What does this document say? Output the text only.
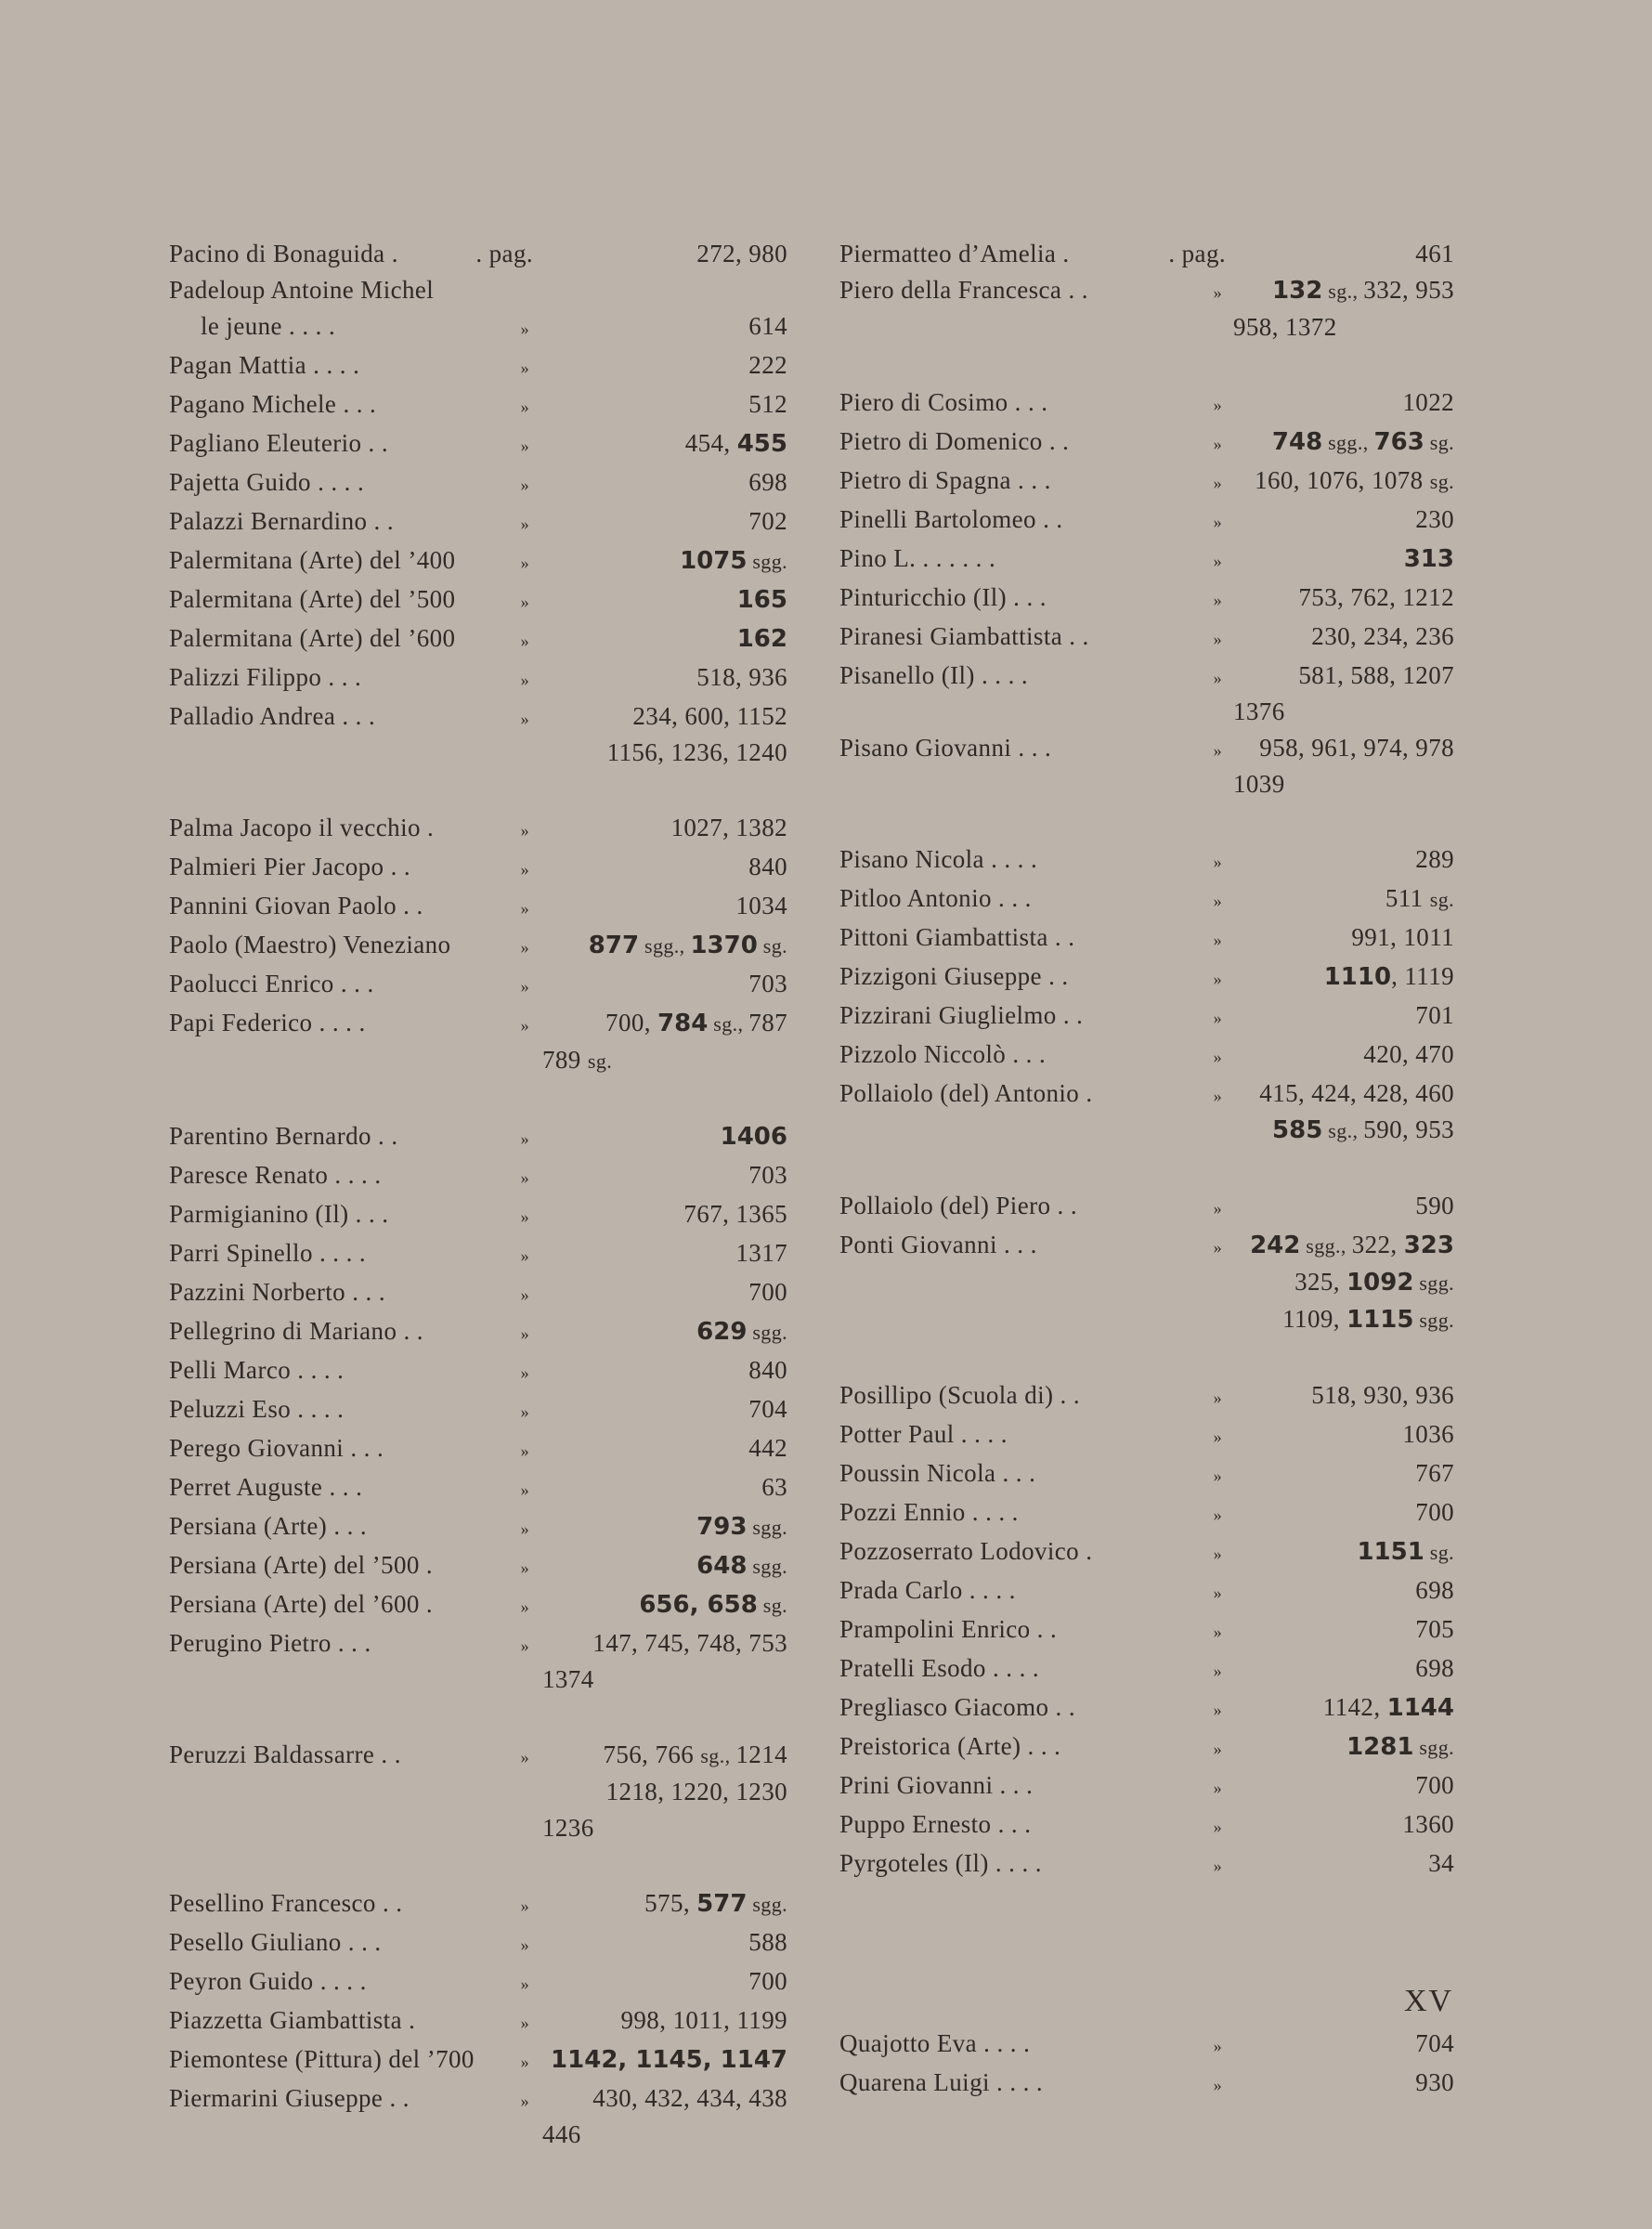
Pacino di Bonaguida .	. pag.	272, 980
Padeloup Antoine Michel
le jeune . . . .	»	614
Pagan Mattia . . . .	»	222
Pagano Michele . . .	»	512
Pagliano Eleuterio . .	»	454, 455
Pajetta Guido . . . .	»	698
Palazzi Bernardino . .	»	702
Palermitana (Arte) del ’400	»	1075 sgg.
Palermitana (Arte) del ’500	»	165
Palermitana (Arte) del ’600	»	162
Palizzi Filippo . . .	»	518, 936
Palladio Andrea . . .	»	234, 600, 1152
1156, 1236, 1240
Palma Jacopo il vecchio .	»	1027, 1382
Palmieri Pier Jacopo . .	»	840
Pannini Giovan Paolo . .	»	1034
Paolo (Maestro) Veneziano	»	877 sgg., 1370 sg.
Paolucci Enrico . . .	»	703
Papi Federico . . . .	»	700, 784 sg., 787
789 sg.
Parentino Bernardo . .	»	1406
Paresce Renato . . . .	»	703
Parmigianino (Il) . . .	»	767, 1365
Parri Spinello . . . .	»	1317
Pazzini Norberto . . .	»	700
Pellegrino di Mariano . .	»	629 sgg.
Pelli Marco . . . .	»	840
Peluzzi Eso . . . .	»	704
Perego Giovanni . . .	»	442
Perret Auguste . . .	»	63
Persiana (Arte) . . .	»	793 sgg.
Persiana (Arte) del ’500 .	»	648 sgg.
Persiana (Arte) del ’600 .	»	656, 658 sg.
Perugino Pietro . . .	»	147, 745, 748, 753
1374
Peruzzi Baldassarre . .	»	756, 766 sg., 1214
1218, 1220, 1230
1236
Pesellino Francesco . .	»	575, 577 sgg.
Pesello Giuliano . . .	»	588
Peyron Guido . . . .	»	700
Piazzetta Giambattista .	»	998, 1011, 1199
Piemontese (Pittura) del ’700	» 1142, 1145, 1147
Piermarini Giuseppe . .	»	430, 432, 434, 438
446
Piermatteo d’Amelia .	. pag.	461
Piero della Francesca . .	»	132 sg., 332, 953
958, 1372
Piero di Cosimo . . .	»	1022
Pietro di Domenico . .	»	748 sgg., 763 sg.
Pietro di Spagna . . .	»	160, 1076, 1078 sg.
Pinelli Bartolomeo . .	»	230
Pino L. . . . . . .	»	313
Pinturicchio (Il) . . .	»	753, 762, 1212
Piranesi Giambattista . .	»	230, 234, 236
Pisanello (Il) . . . .	»	581, 588, 1207
1376
Pisano Giovanni . . .	»	958, 961, 974, 978
1039
Pisano Nicola . . . .	»	289
Pitloo Antonio . . .	»	511 sg.
Pittoni Giambattista . .	»	991, 1011
Pizzigoni Giuseppe . .	»	1110, 1119
Pizzirani Giuglielmo . .	»	701
Pizzolo Niccolò . . .	»	420, 470
Pollaiolo (del) Antonio .	»	415, 424, 428, 460
585 sg., 590, 953
Pollaiolo (del) Piero . .	»	590
Ponti Giovanni . . .	»	242 sgg., 322, 323
325, 1092 sgg.
1109, 1115 sgg.
Posillipo (Scuola di) . .	»	518, 930, 936
Potter Paul . . . .	»	1036
Poussin Nicola . . .	»	767
Pozzi Ennio . . . .	»	700
Pozzoserrato Lodovico .	»	1151 sg.
Prada Carlo . . . .	»	698
Prampolini Enrico . .	»	705
Pratelli Esodo . . . .	»	698
Pregliasco Giacomo . .	»	1142, 1144
Preistorica (Arte) . . .	»	1281 sgg.
Prini Giovanni . . .	»	700
Puppo Ernesto . . .	»	1360
Pyrgoteles (Il) . . . .	»	34
Quajotto Eva . . . .	»	704
Quarena Luigi . . . .	»	930
XV
